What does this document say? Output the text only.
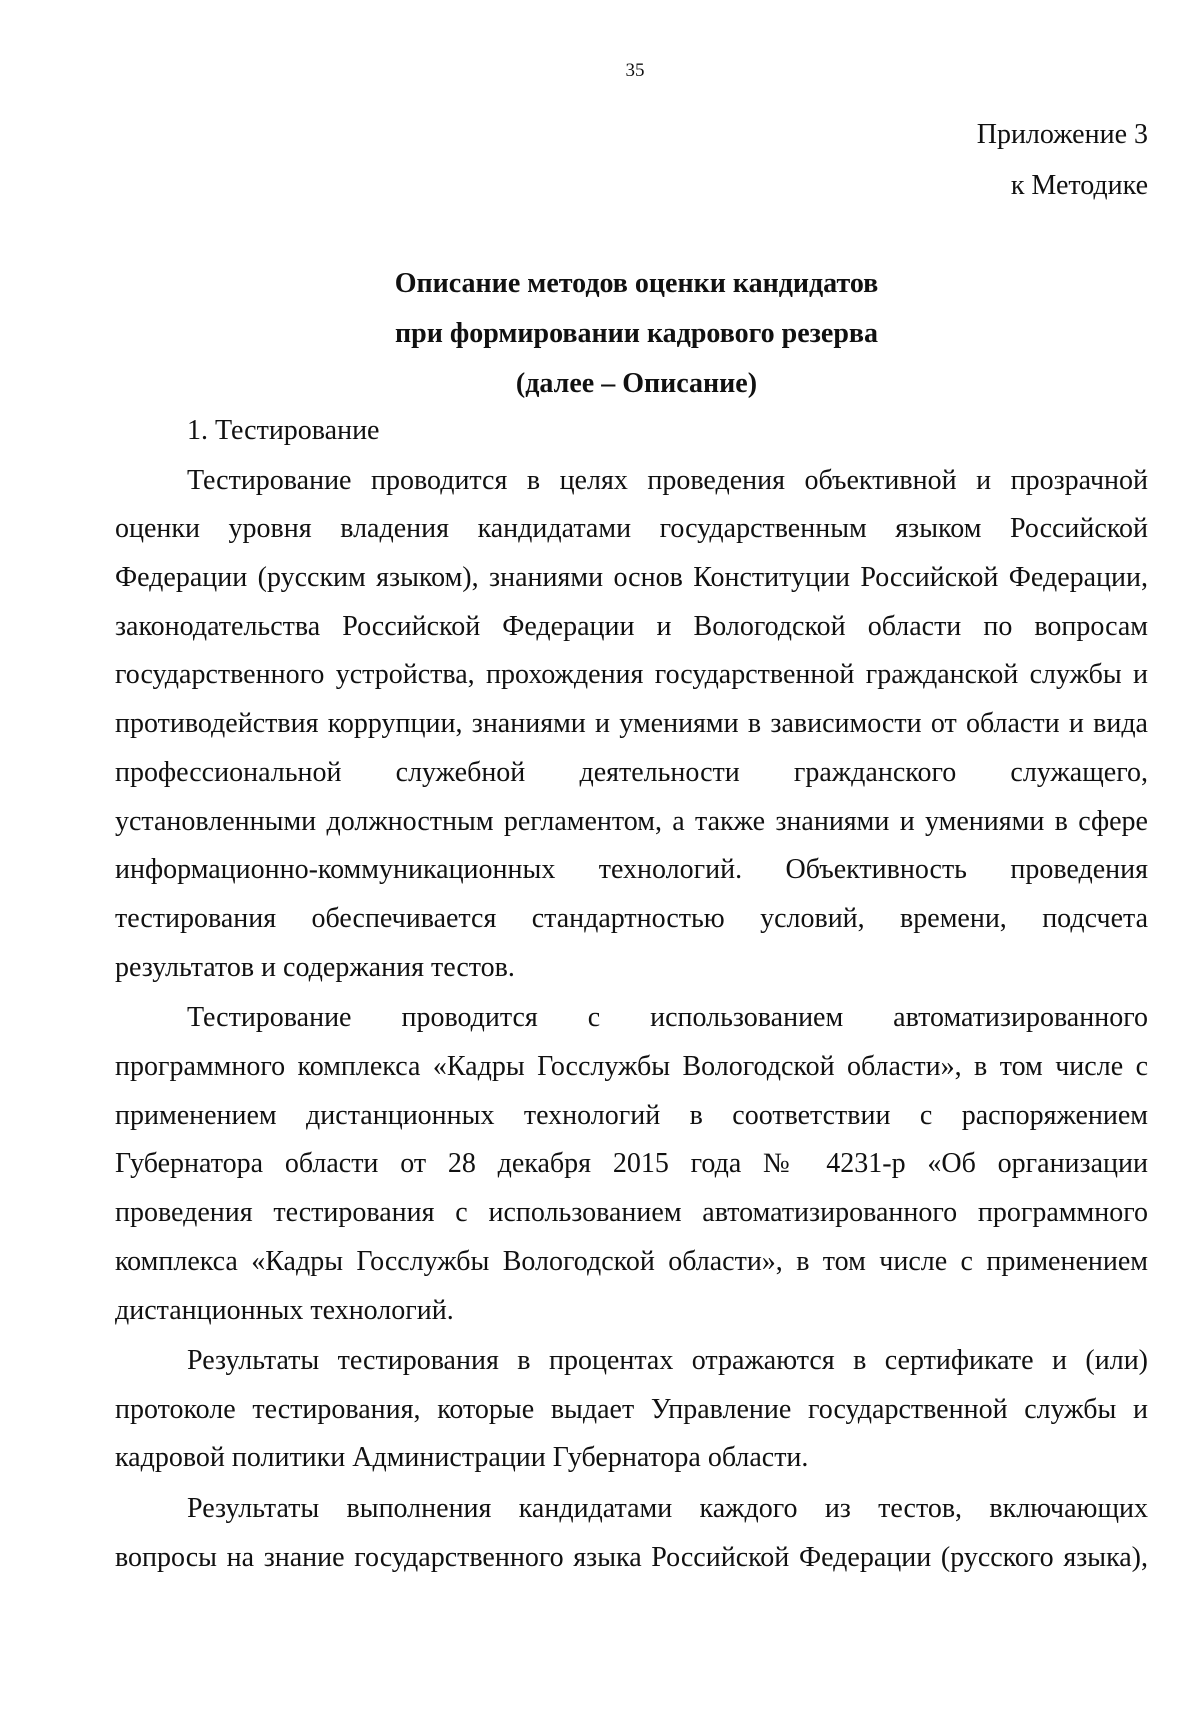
35
Приложение 3
к Методике
Описание методов оценки кандидатов
при формировании кадрового резерва
(далее – Описание)
1. Тестирование
Тестирование проводится в целях проведения объективной и прозрачной
оценки уровня владения кандидатами государственным языком Российской
Федерации (русским языком), знаниями основ Конституции Российской Федерации,
законодательства Российской Федерации и Вологодской области по вопросам
государственного устройства, прохождения государственной гражданской службы и
противодействия коррупции, знаниями и умениями в зависимости от области и вида
профессиональной служебной деятельности гражданского служащего,
установленными должностным регламентом, а также знаниями и умениями в сфере
информационно-коммуникационных технологий. Объективность проведения
тестирования обеспечивается стандартностью условий, времени, подсчета
результатов и содержания тестов.
Тестирование проводится с использованием автоматизированного
программного комплекса «Кадры Госслужбы Вологодской области», в том числе с
применением дистанционных технологий в соответствии с распоряжением
Губернатора области от 28 декабря 2015 года № 4231-р «Об организации
проведения тестирования с использованием автоматизированного программного
комплекса «Кадры Госслужбы Вологодской области», в том числе с применением
дистанционных технологий.
Результаты тестирования в процентах отражаются в сертификате и (или)
протоколе тестирования, которые выдает Управление государственной службы и
кадровой политики Администрации Губернатора области.
Результаты выполнения кандидатами каждого из тестов, включающих
вопросы на знание государственного языка Российской Федерации (русского языка),
